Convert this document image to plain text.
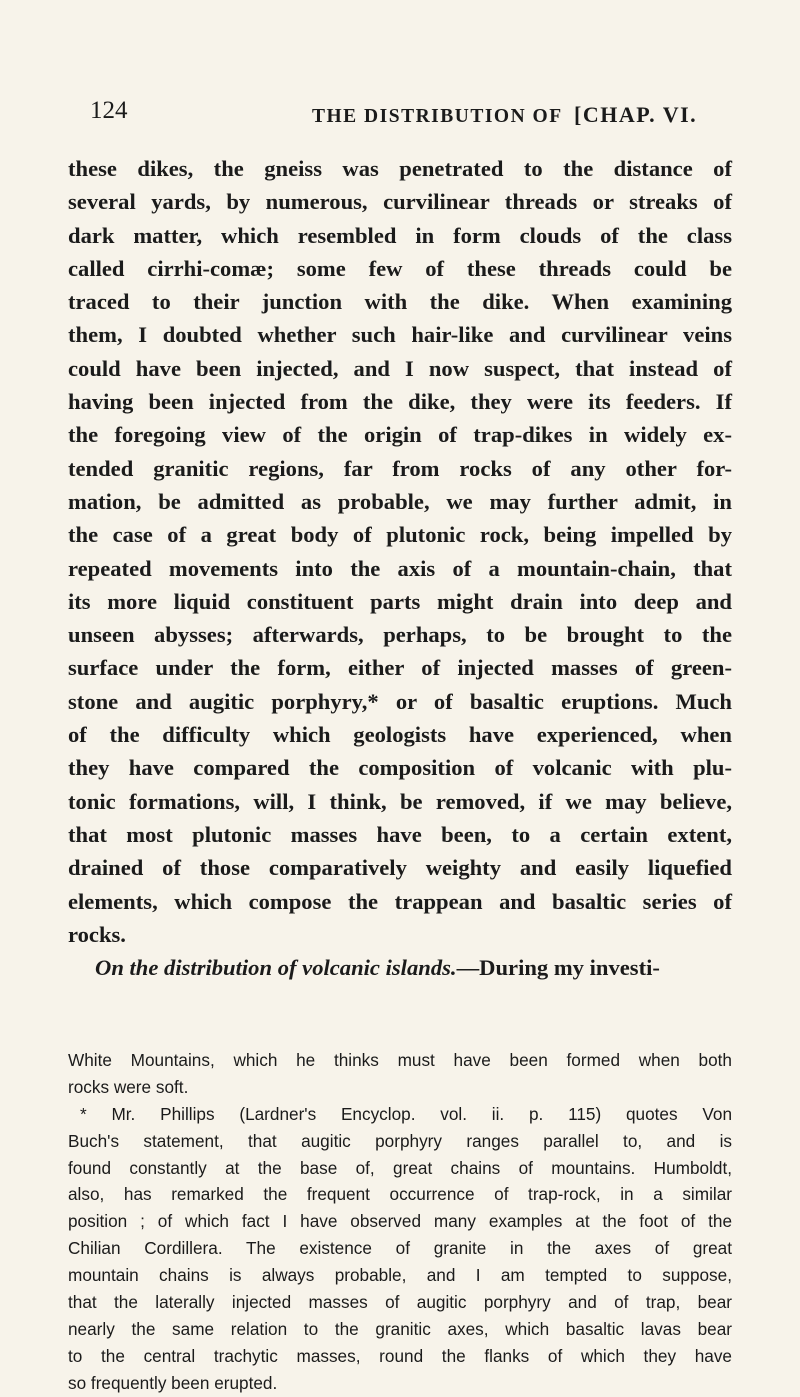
124	THE DISTRIBUTION OF [CHAP. VI.
these dikes, the gneiss was penetrated to the distance of
several yards, by numerous, curvilinear threads or streaks of
dark matter, which resembled in form clouds of the class
called cirrhi-comæ; some few of these threads could be
traced to their junction with the dike. When examining
them, I doubted whether such hair-like and curvilinear veins
could have been injected, and I now suspect, that instead of
having been injected from the dike, they were its feeders. If
the foregoing view of the origin of trap-dikes in widely ex-
tended granitic regions, far from rocks of any other for-
mation, be admitted as probable, we may further admit, in
the case of a great body of plutonic rock, being impelled by
repeated movements into the axis of a mountain-chain, that
its more liquid constituent parts might drain into deep and
unseen abysses; afterwards, perhaps, to be brought to the
surface under the form, either of injected masses of green-
stone and augitic porphyry,* or of basaltic eruptions. Much
of the difficulty which geologists have experienced, when
they have compared the composition of volcanic with plu-
tonic formations, will, I think, be removed, if we may believe,
that most plutonic masses have been, to a certain extent,
drained of those comparatively weighty and easily liquefied
elements, which compose the trappean and basaltic series of
rocks.
On the distribution of volcanic islands.—During my investi-
White Mountains, which he thinks must have been formed when both
rocks were soft.
* Mr. Phillips (Lardner's Encyclop. vol. ii. p. 115) quotes Von
Buch's statement, that augitic porphyry ranges parallel to, and is
found constantly at the base of, great chains of mountains. Humboldt,
also, has remarked the frequent occurrence of trap-rock, in a similar
position ; of which fact I have observed many examples at the foot of the
Chilian Cordillera. The existence of granite in the axes of great
mountain chains is always probable, and I am tempted to suppose,
that the laterally injected masses of augitic porphyry and of trap, bear
nearly the same relation to the granitic axes, which basaltic lavas bear
to the central trachytic masses, round the flanks of which they have
so frequently been erupted.
